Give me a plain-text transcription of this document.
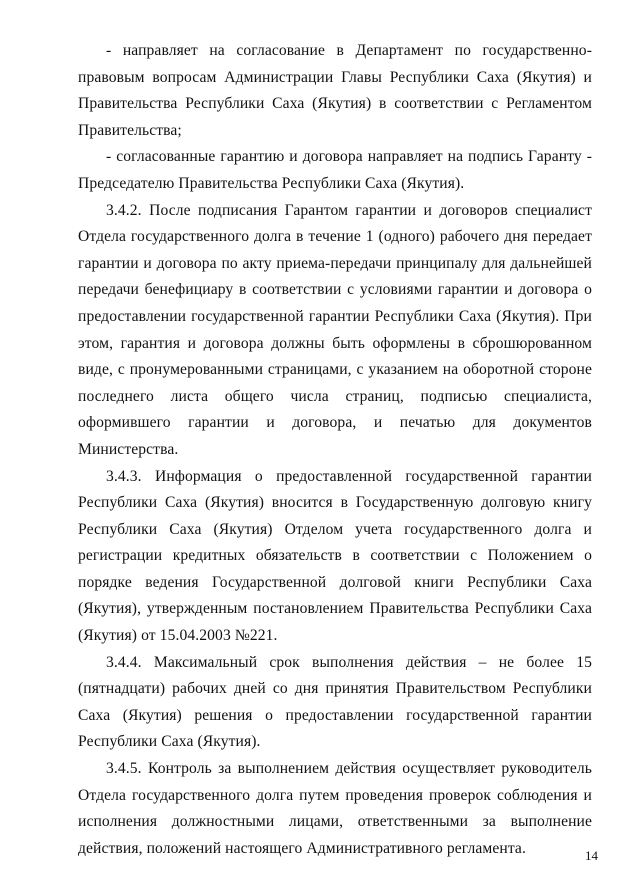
- направляет на согласование в Департамент по государственно-правовым вопросам Администрации Главы Республики Саха (Якутия) и Правительства Республики Саха (Якутия) в соответствии с Регламентом Правительства;

- согласованные гарантию и договора направляет на подпись Гаранту - Председателю Правительства Республики Саха (Якутия).

3.4.2. После подписания Гарантом гарантии и договоров специалист Отдела государственного долга в течение 1 (одного) рабочего дня передает гарантии и договора по акту приема-передачи принципалу для дальнейшей передачи бенефициару в соответствии с условиями гарантии и договора о предоставлении государственной гарантии Республики Саха (Якутия). При этом, гарантия и договора должны быть оформлены в сброшюрованном виде, с пронумерованными страницами, с указанием на оборотной стороне последнего листа общего числа страниц, подписью специалиста, оформившего гарантии и договора, и печатью для документов Министерства.

3.4.3. Информация о предоставленной государственной гарантии Республики Саха (Якутия) вносится в Государственную долговую книгу Республики Саха (Якутия) Отделом учета государственного долга и регистрации кредитных обязательств в соответствии с Положением о порядке ведения Государственной долговой книги Республики Саха (Якутия), утвержденным постановлением Правительства Республики Саха (Якутия) от 15.04.2003 №221.

3.4.4. Максимальный срок выполнения действия – не более 15 (пятнадцати) рабочих дней со дня принятия Правительством Республики Саха (Якутия) решения о предоставлении государственной гарантии Республики Саха (Якутия).

3.4.5. Контроль за выполнением действия осуществляет руководитель Отдела государственного долга путем проведения проверок соблюдения и исполнения должностными лицами, ответственными за выполнение действия, положений настоящего Административного регламента.	14
